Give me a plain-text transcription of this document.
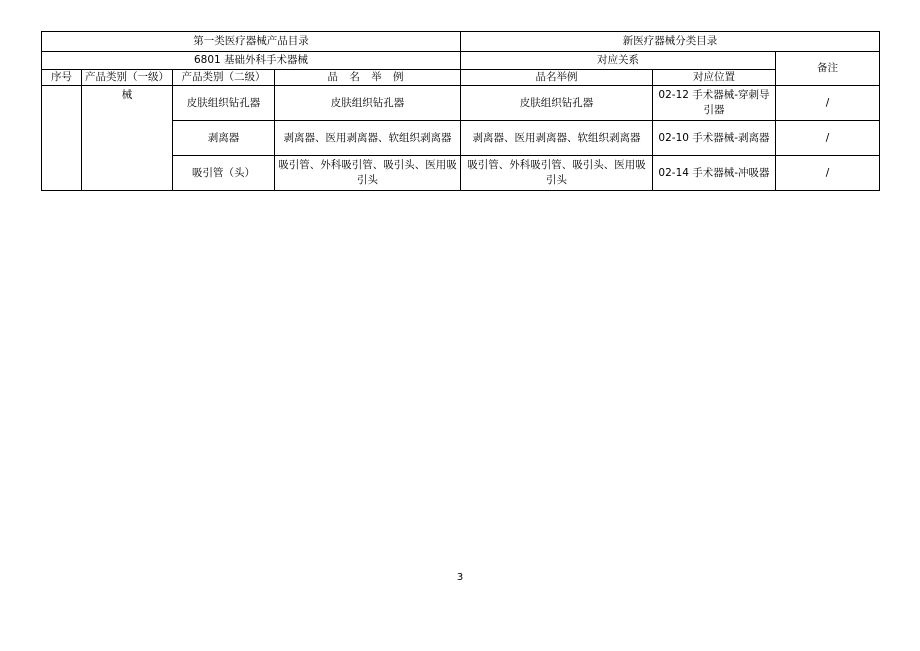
第一类医疗器械产品目录				新医疗器械分类目录		
6801 基础外科手术器械				对应关系		备注
序号	产品类别（一级）	产品类别（二级）	品 名 举 例	品名举例	对应位置	
	械	皮肤组织钻孔器	皮肤组织钻孔器	皮肤组织钻孔器	02-12 手术器械-穿刺导引器	/
		剥离器	剥离器、医用剥离器、软组织剥离器	剥离器、医用剥离器、软组织剥离器	02-10 手术器械-剥离器	/
		吸引管（头）	吸引管、外科吸引管、吸引头、医用吸引头	吸引管、外科吸引管、吸引头、医用吸引头	02-14 手术器械-冲吸器	/
3
